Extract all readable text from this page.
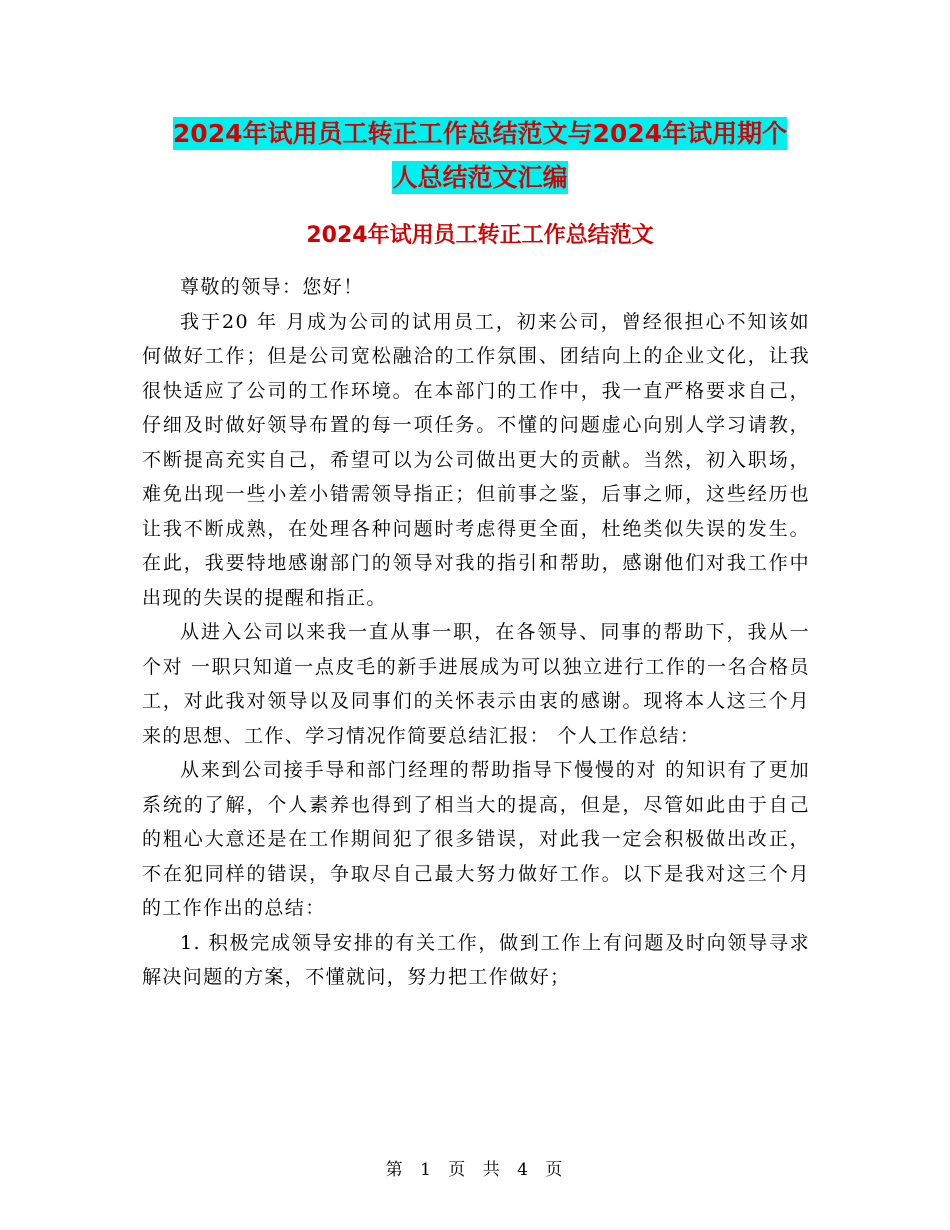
2024年试用员工转正工作总结范文与2024年试用期个
人总结范文汇编
2024年试用员工转正工作总结范文

尊敬的领导：您好！

我于20 年 月成为公司的试用员工，初来公司，曾经很担心不知该如何做好工作；但是公司宽松融洽的工作氛围、团结向上的企业文化，让我很快适应了公司的工作环境。在本部门的工作中，我一直严格要求自己，仔细及时做好领导布置的每一项任务。不懂的问题虚心向别人学习请教，不断提高充实自己，希望可以为公司做出更大的贡献。当然，初入职场，难免出现一些小差小错需领导指正；但前事之鉴，后事之师，这些经历也让我不断成熟，在处理各种问题时考虑得更全面，杜绝类似失误的发生。在此，我要特地感谢部门的领导对我的指引和帮助，感谢他们对我工作中出现的失误的提醒和指正。

从进入公司以来我一直从事一职，在各领导、同事的帮助下，我从一个对 一职只知道一点皮毛的新手进展成为可以独立进行工作的一名合格员工，对此我对领导以及同事们的关怀表示由衷的感谢。现将本人这三个月来的思想、工作、学习情况作简要总结汇报： 个人工作总结：

从来到公司接手导和部门经理的帮助指导下慢慢的对 的知识有了更加系统的了解，个人素养也得到了相当大的提高，但是，尽管如此由于自己的粗心大意还是在工作期间犯了很多错误，对此我一定会积极做出改正，不在犯同样的错误，争取尽自己最大努力做好工作。以下是我对这三个月的工作作出的总结：

1. 积极完成领导安排的有关工作，做到工作上有问题及时向领导寻求解决问题的方案，不懂就问，努力把工作做好；

第 1 页 共 4 页
